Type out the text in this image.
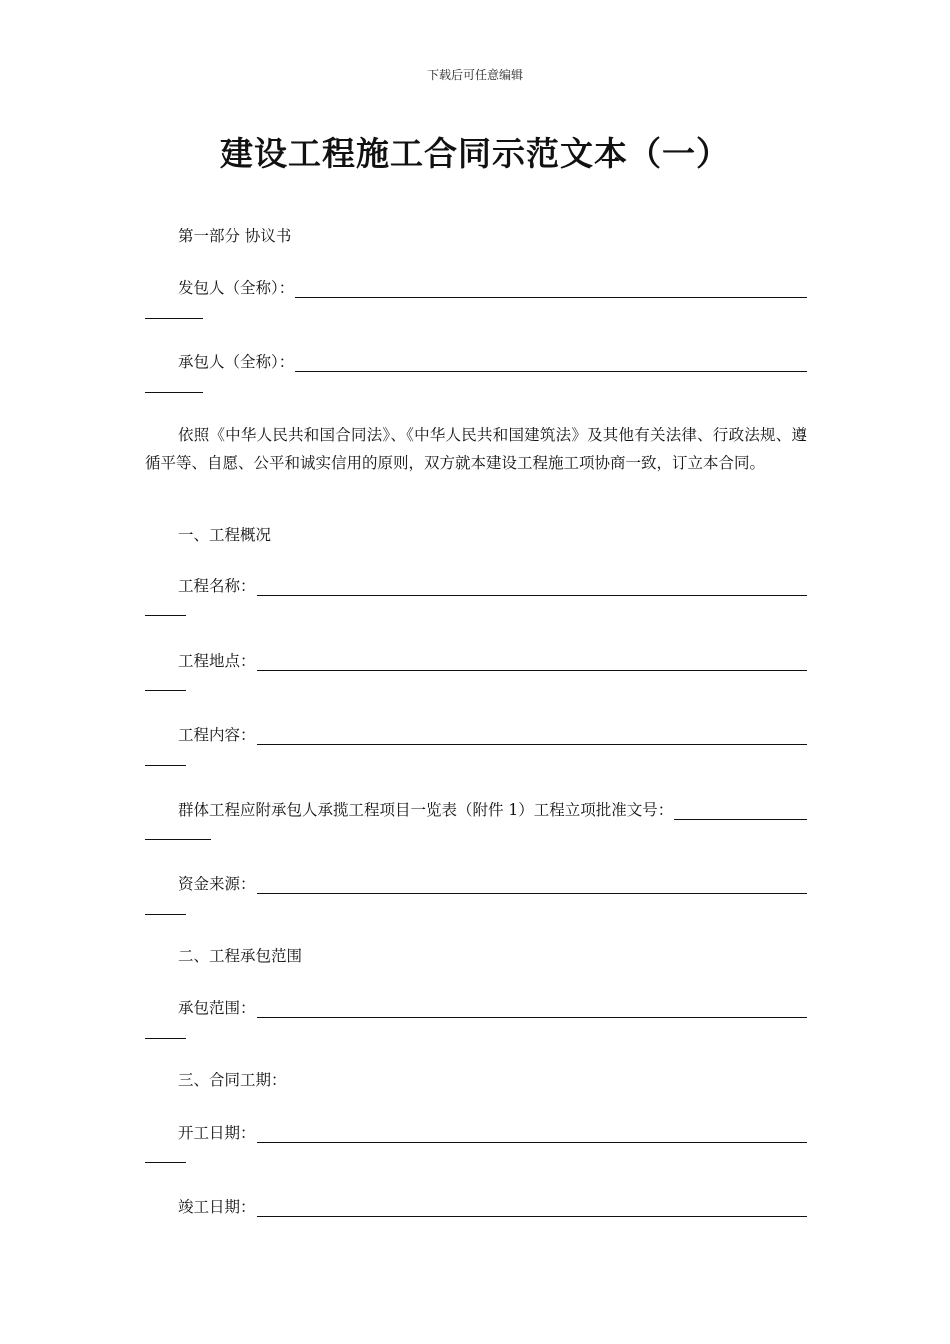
下载后可任意编辑
建设工程施工合同示范文本（一）
第一部分 协议书
发包人（全称）：
承包人（全称）：

依照《中华人民共和国合同法》、《中华人民共和国建筑法》及其他有关法律、行政法规、遵循平等、自愿、公平和诚实信用的原则，双方就本建设工程施工项协商一致，订立本合同。

一、工程概况
工程名称：
工程地点：
工程内容：
群体工程应附承包人承揽工程项目一览表（附件 1）工程立项批准文号：
资金来源：
二、工程承包范围
承包范围：
三、合同工期：
开工日期：
竣工日期：
